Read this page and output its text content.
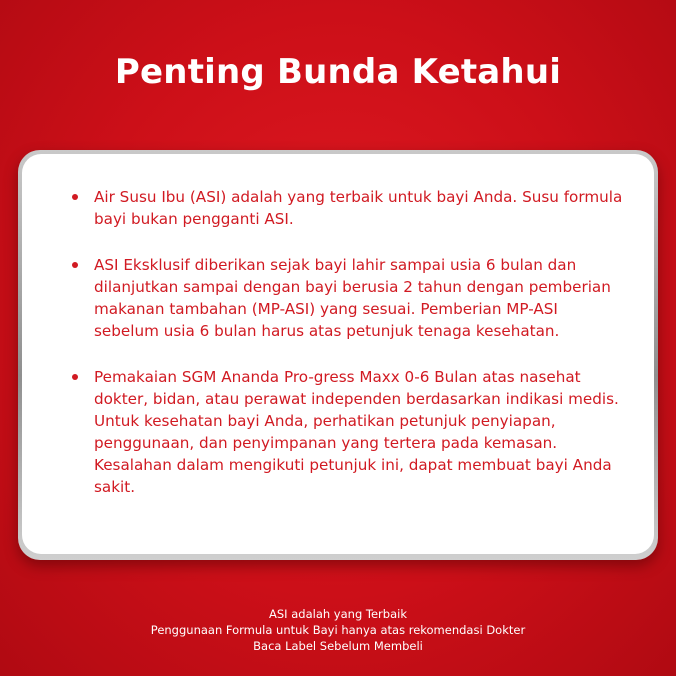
Penting Bunda Ketahui
Air Susu Ibu (ASI) adalah yang terbaik untuk bayi Anda. Susu formula bayi bukan pengganti ASI.
ASI Eksklusif diberikan sejak bayi lahir sampai usia 6 bulan dan dilanjutkan sampai dengan bayi berusia 2 tahun dengan pemberian makanan tambahan (MP-ASI) yang sesuai. Pemberian MP-ASI sebelum usia 6 bulan harus atas petunjuk tenaga kesehatan.
Pemakaian SGM Ananda Pro-gress Maxx 0-6 Bulan atas nasehat dokter, bidan, atau perawat independen berdasarkan indikasi medis. Untuk kesehatan bayi Anda, perhatikan petunjuk penyiapan, penggunaan, dan penyimpanan yang tertera pada kemasan. Kesalahan dalam mengikuti petunjuk ini, dapat membuat bayi Anda sakit.
ASI adalah yang Terbaik
Penggunaan Formula untuk Bayi hanya atas rekomendasi Dokter
Baca Label Sebelum Membeli
